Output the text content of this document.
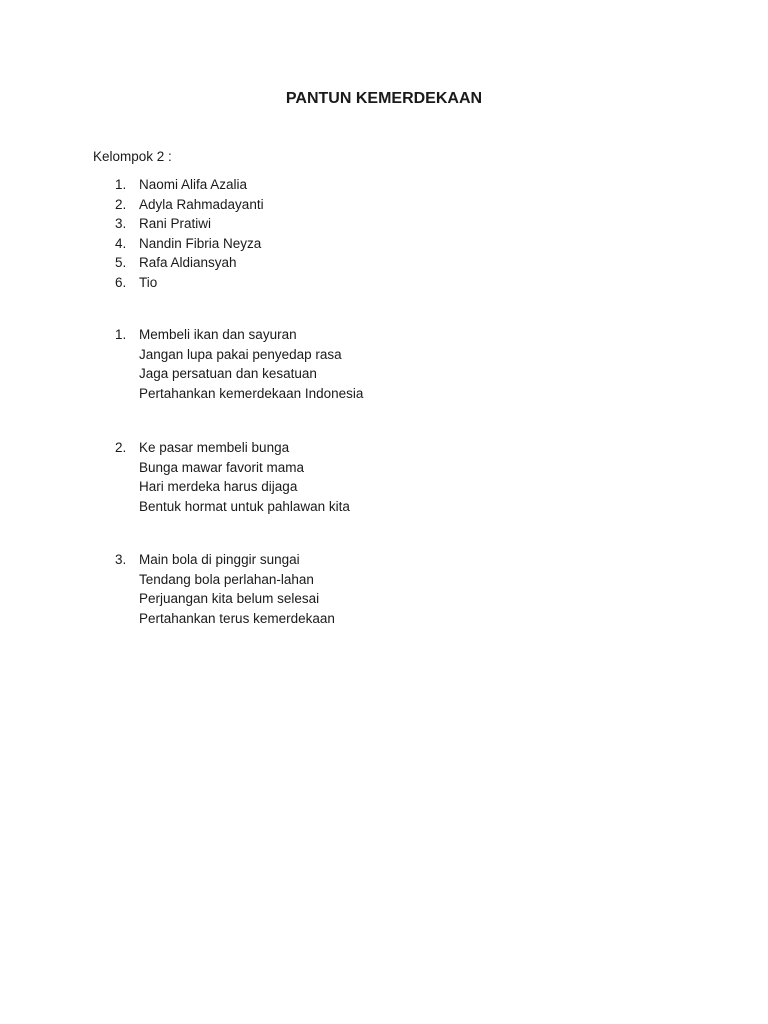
PANTUN KEMERDEKAAN
Kelompok 2 :
1. Naomi Alifa Azalia
2. Adyla Rahmadayanti
3. Rani Pratiwi
4. Nandin Fibria Neyza
5. Rafa Aldiansyah
6. Tio
1. Membeli ikan dan sayuran
Jangan lupa pakai penyedap rasa
Jaga persatuan dan kesatuan
Pertahankan kemerdekaan Indonesia
2. Ke pasar membeli bunga
Bunga mawar favorit mama
Hari merdeka harus dijaga
Bentuk hormat untuk pahlawan kita
3. Main bola di pinggir sungai
Tendang bola perlahan-lahan
Perjuangan kita belum selesai
Pertahankan terus kemerdekaan
